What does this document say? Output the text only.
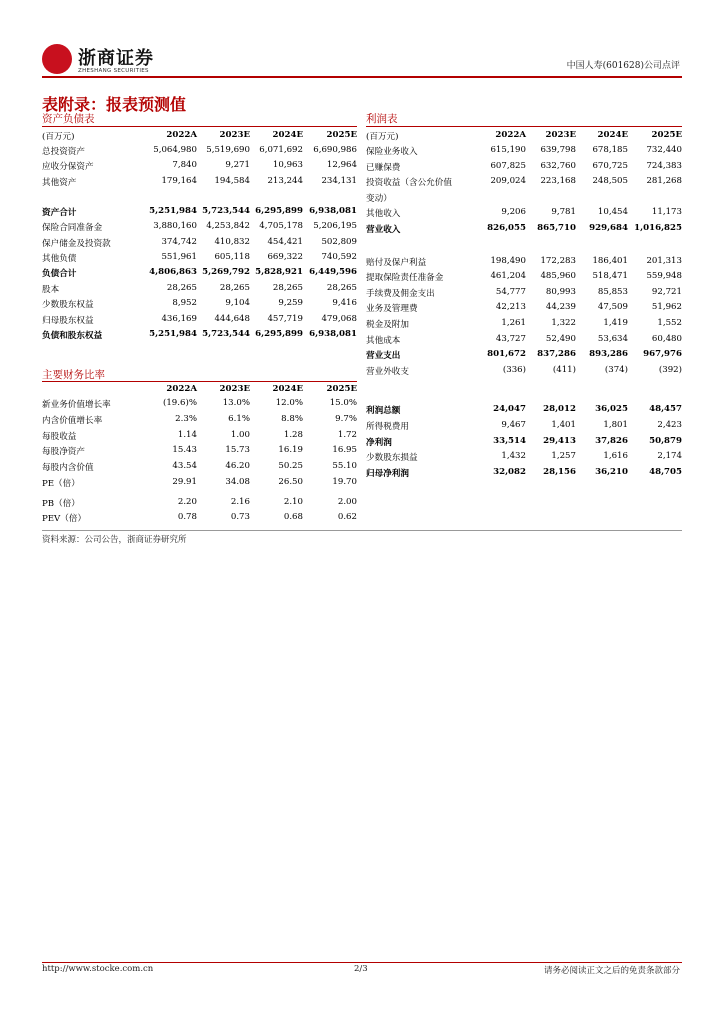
浙商证券
ZHESHANG SECURITIES	中国人寿(601628)公司点评
表附录：报表预测值
资产负债表
(百万元)	2022A	2023E	2024E	2025E
总投资资产	5,064,980	5,519,690	6,071,692	6,690,986
应收分保资产	7,840	9,271	10,963	12,964
其他资产	179,164	194,584	213,244	234,131
资产合计	5,251,984	5,723,544	6,295,899	6,938,081
保险合同准备金	3,880,160	4,253,842	4,705,178	5,206,195
保户储金及投资款	374,742	410,832	454,421	502,809
其他负债	551,961	605,118	669,322	740,592
负债合计	4,806,863	5,269,792	5,828,921	6,449,596
股本	28,265	28,265	28,265	28,265
少数股东权益	8,952	9,104	9,259	9,416
归母股东权益	436,169	444,648	457,719	479,068
负债和股东权益	5,251,984	5,723,544	6,295,899	6,938,081
主要财务比率
	2022A	2023E	2024E	2025E
新业务价值增长率	(19.6)%	13.0%	12.0%	15.0%
内含价值增长率	2.3%	6.1%	8.8%	9.7%
每股收益	1.14	1.00	1.28	1.72
每股净资产	15.43	15.73	16.19	16.95
每股内含价值	43.54	46.20	50.25	55.10
PE（倍）	29.91	34.08	26.50	19.70
PB（倍）	2.20	2.16	2.10	2.00
PEV（倍）	0.78	0.73	0.68	0.62
利润表
(百万元)	2022A	2023E	2024E	2025E
保险业务收入	615,190	639,798	678,185	732,440
已赚保费	607,825	632,760	670,725	724,383
投资收益（含公允价值	209,024	223,168	248,505	281,268
变动）				
其他收入	9,206	9,781	10,454	11,173
营业收入	826,055	865,710	929,684	1,016,825

赔付及保户利益	198,490	172,283	186,401	201,313
提取保险责任准备金	461,204	485,960	518,471	559,948
手续费及佣金支出	54,777	80,993	85,853	92,721
业务及管理费	42,213	44,239	47,509	51,962
税金及附加	1,261	1,322	1,419	1,552
其他成本	43,727	52,490	53,634	60,480
营业支出	801,672	837,286	893,286	967,976
营业外收支	(336)	(411)	(374)	(392)

利润总额	24,047	28,012	36,025	48,457
所得税费用	9,467	1,401	1,801	2,423
净利润	33,514	29,413	37,826	50,879
少数股东损益	1,432	1,257	1,616	2,174
归母净利润	32,082	28,156	36,210	48,705
资料来源：公司公告，浙商证券研究所
http://www.stocke.com.cn	2/3	请务必阅读正文之后的免责条款部分
